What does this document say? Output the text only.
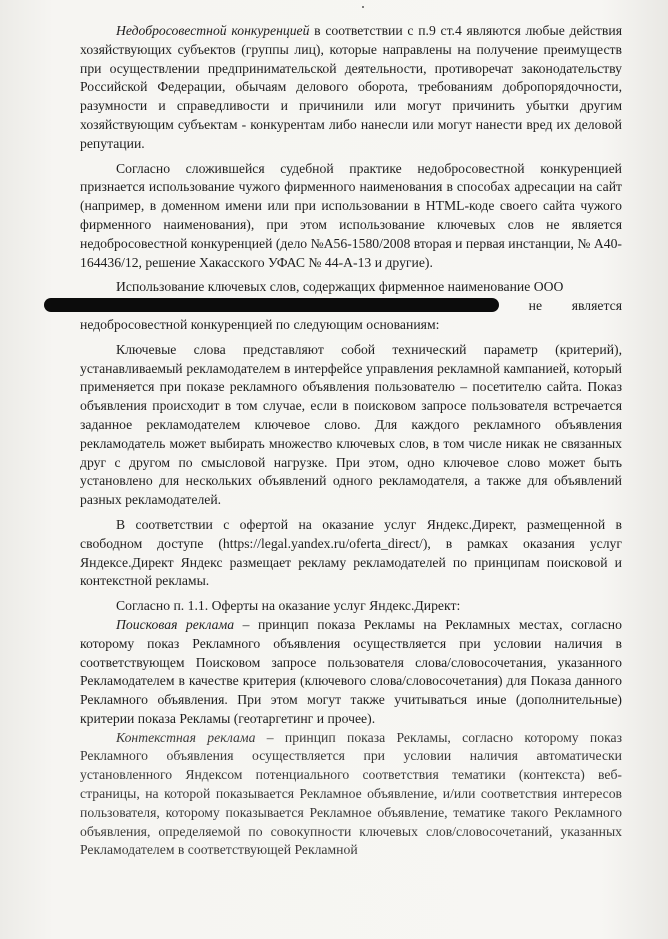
Недобросовестной конкуренцией в соответствии с п.9 ст.4 являются любые действия хозяйствующих субъектов (группы лиц), которые направлены на получение преимуществ при осуществлении предпринимательской деятельности, противоречат законодательству Российской Федерации, обычаям делового оборота, требованиям добропорядочности, разумности и справедливости и причинили или могут причинить убытки другим хозяйствующим субъектам - конкурентам либо нанесли или могут нанести вред их деловой репутации.

Согласно сложившейся судебной практике недобросовестной конкуренцией признается использование чужого фирменного наименования в способах адресации на сайт (например, в доменном имени или при использовании в HTML-коде своего сайта чужого фирменного наименования), при этом использование ключевых слов не является недобросовестной конкуренцией (дело №А56-1580/2008 вторая и первая инстанции, № А40-164436/12, решение Хакасского УФАС № 44-А-13 и другие).

Использование ключевых слов, содержащих фирменное наименование ООО
не является недобросовестной конкуренцией по следующим основаниям:

Ключевые слова представляют собой технический параметр (критерий), устанавливаемый рекламодателем в интерфейсе управления рекламной кампанией, который применяется при показе рекламного объявления пользователю – посетителю сайта. Показ объявления происходит в том случае, если в поисковом запросе пользователя встречается заданное рекламодателем ключевое слово. Для каждого рекламного объявления рекламодатель может выбирать множество ключевых слов, в том числе никак не связанных друг с другом по смысловой нагрузке. При этом, одно ключевое слово может быть установлено для нескольких объявлений одного рекламодателя, а также для объявлений разных рекламодателей.

В соответствии с офертой на оказание услуг Яндекс.Директ, размещенной в свободном доступе (https://legal.yandex.ru/oferta_direct/), в рамках оказания услуг Яндексе.Директ Яндекс размещает рекламу рекламодателей по принципам поисковой и контекстной рекламы.

Согласно п. 1.1. Оферты на оказание услуг Яндекс.Директ:

Поисковая реклама – принцип показа Рекламы на Рекламных местах, согласно которому показ Рекламного объявления осуществляется при условии наличия в соответствующем Поисковом запросе пользователя слова/словосочетания, указанного Рекламодателем в качестве критерия (ключевого слова/словосочетания) для Показа данного Рекламного объявления. При этом могут также учитываться иные (дополнительные) критерии показа Рекламы (геотаргетинг и прочее).

Контекстная реклама – принцип показа Рекламы, согласно которому показ Рекламного объявления осуществляется при условии наличия автоматически установленного Яндексом потенциального соответствия тематики (контекста) веб-страницы, на которой показывается Рекламное объявление, и/или соответствия интересов пользователя, которому показывается Рекламное объявление, тематике такого Рекламного объявления, определяемой по совокупности ключевых слов/словосочетаний, указанных Рекламодателем в соответствующей Рекламной
